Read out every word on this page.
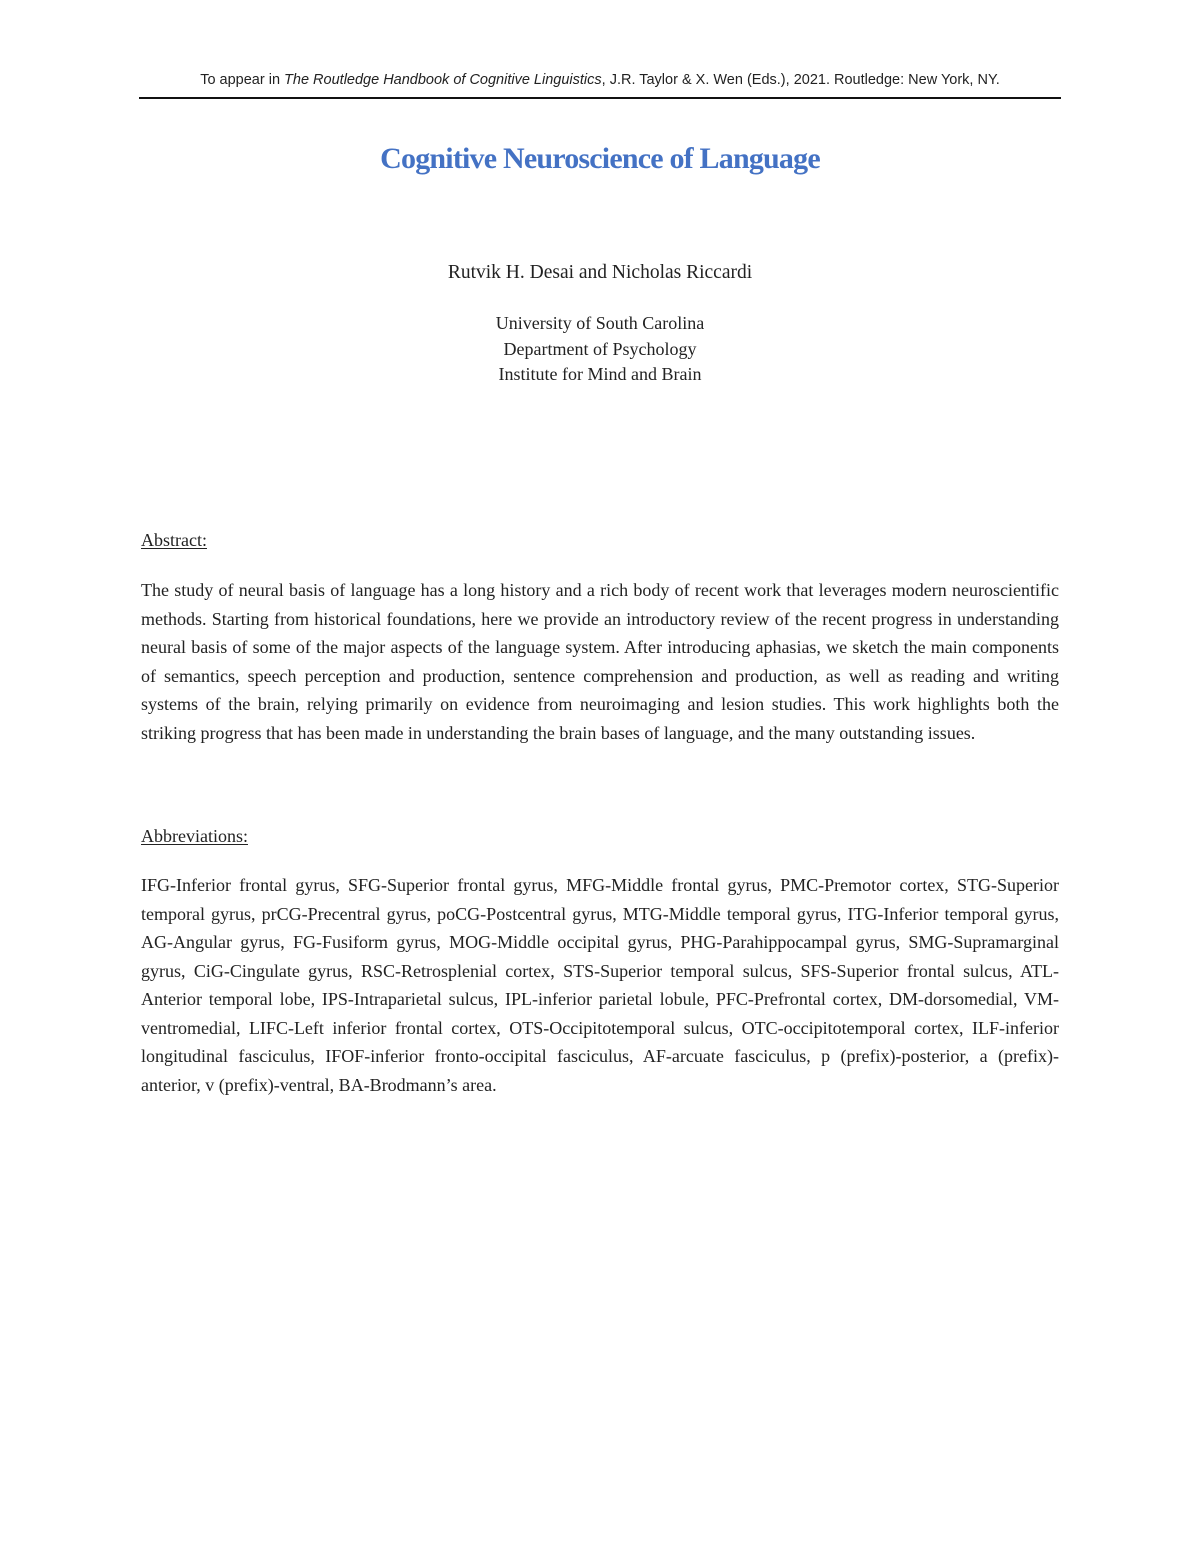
To appear in The Routledge Handbook of Cognitive Linguistics, J.R. Taylor & X. Wen (Eds.), 2021. Routledge: New York, NY.
Cognitive Neuroscience of Language
Rutvik H. Desai and Nicholas Riccardi
University of South Carolina
Department of Psychology
Institute for Mind and Brain
Abstract:

The study of neural basis of language has a long history and a rich body of recent work that leverages modern neuroscientific methods. Starting from historical foundations, here we provide an introductory review of the recent progress in understanding neural basis of some of the major aspects of the language system. After introducing aphasias, we sketch the main components of semantics, speech perception and production, sentence comprehension and production, as well as reading and writing systems of the brain, relying primarily on evidence from neuroimaging and lesion studies. This work highlights both the striking progress that has been made in understanding the brain bases of language, and the many outstanding issues.

Abbreviations:

IFG-Inferior frontal gyrus, SFG-Superior frontal gyrus, MFG-Middle frontal gyrus, PMC-Premotor cortex, STG-Superior temporal gyrus, prCG-Precentral gyrus, poCG-Postcentral gyrus, MTG-Middle temporal gyrus, ITG-Inferior temporal gyrus, AG-Angular gyrus, FG-Fusiform gyrus, MOG-Middle occipital gyrus, PHG-Parahippocampal gyrus, SMG-Supramarginal gyrus, CiG-Cingulate gyrus, RSC-Retrosplenial cortex, STS-Superior temporal sulcus, SFS-Superior frontal sulcus, ATL-Anterior temporal lobe, IPS-Intraparietal sulcus, IPL-inferior parietal lobule, PFC-Prefrontal cortex, DM-dorsomedial, VM-ventromedial, LIFC-Left inferior frontal cortex, OTS-Occipitotemporal sulcus, OTC-occipitotemporal cortex, ILF-inferior longitudinal fasciculus, IFOF-inferior fronto-occipital fasciculus, AF-arcuate fasciculus, p (prefix)-posterior, a (prefix)-anterior, v (prefix)-ventral, BA-Brodmann’s area.
